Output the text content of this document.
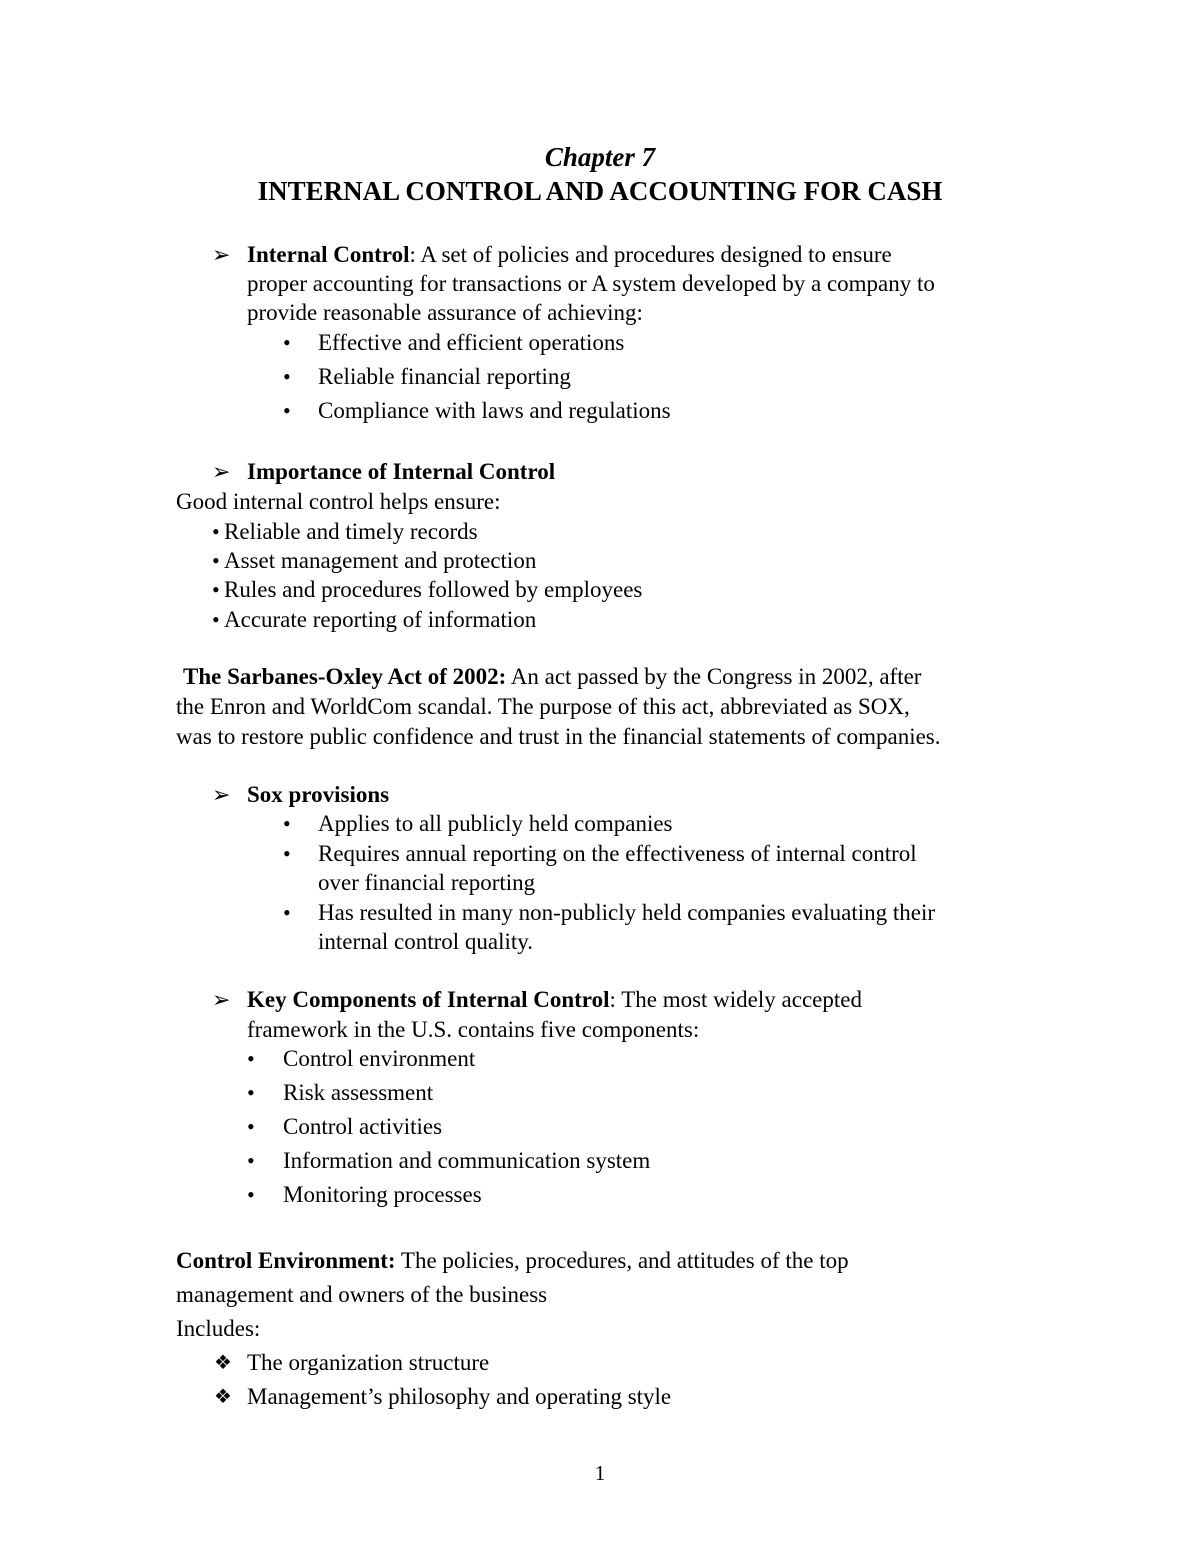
Chapter 7
INTERNAL CONTROL AND ACCOUNTING FOR CASH
➢ Internal Control: A set of policies and procedures designed to ensure
proper accounting for transactions or A system developed by a company to
provide reasonable assurance of achieving:
• Effective and efficient operations
• Reliable financial reporting
• Compliance with laws and regulations
➢ Importance of Internal Control
Good internal control helps ensure:
• Reliable and timely records
• Asset management and protection
• Rules and procedures followed by employees
• Accurate reporting of information
The Sarbanes-Oxley Act of 2002: An act passed by the Congress in 2002, after
the Enron and WorldCom scandal. The purpose of this act, abbreviated as SOX,
was to restore public confidence and trust in the financial statements of companies.
➢ Sox provisions
• Applies to all publicly held companies
• Requires annual reporting on the effectiveness of internal control
over financial reporting
• Has resulted in many non-publicly held companies evaluating their
internal control quality.
➢ Key Components of Internal Control: The most widely accepted
framework in the U.S. contains five components:
• Control environment
• Risk assessment
• Control activities
• Information and communication system
• Monitoring processes
Control Environment: The policies, procedures, and attitudes of the top
management and owners of the business
Includes:
❖ The organization structure
❖ Management’s philosophy and operating style
1
